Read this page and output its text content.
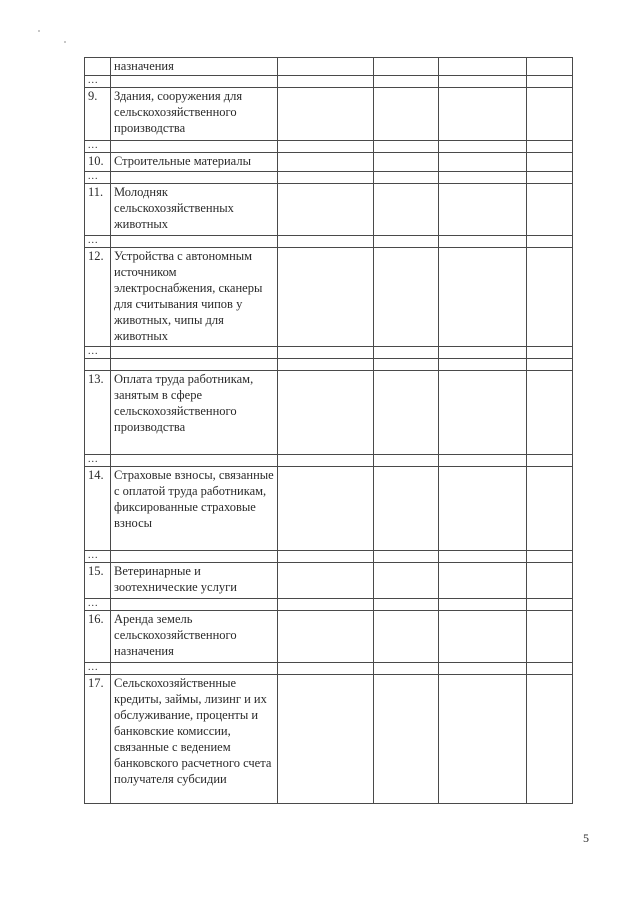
	назначения				
...					
9.	Здания, сооружения для сельскохозяйственного производства				
...					
10.	Строительные материалы				
...					
11.	Молодняк сельскохозяйственных животных				
...					
12.	Устройства с автономным источником электроснабжения, сканеры для считывания чипов у животных, чипы для животных				
...					

13.	Оплата труда работникам, занятым в сфере сельскохозяйственного производства				
...					
14.	Страховые взносы, связанные с оплатой труда работникам, фиксированные страховые взносы				
...					
15.	Ветеринарные и зоотехнические услуги				
...					
16.	Аренда земель сельскохозяйственного назначения				
...					
17.	Сельскохозяйственные кредиты, займы, лизинг и их обслуживание, проценты и банковские комиссии, связанные с ведением банковского расчетного счета получателя субсидии				
5
